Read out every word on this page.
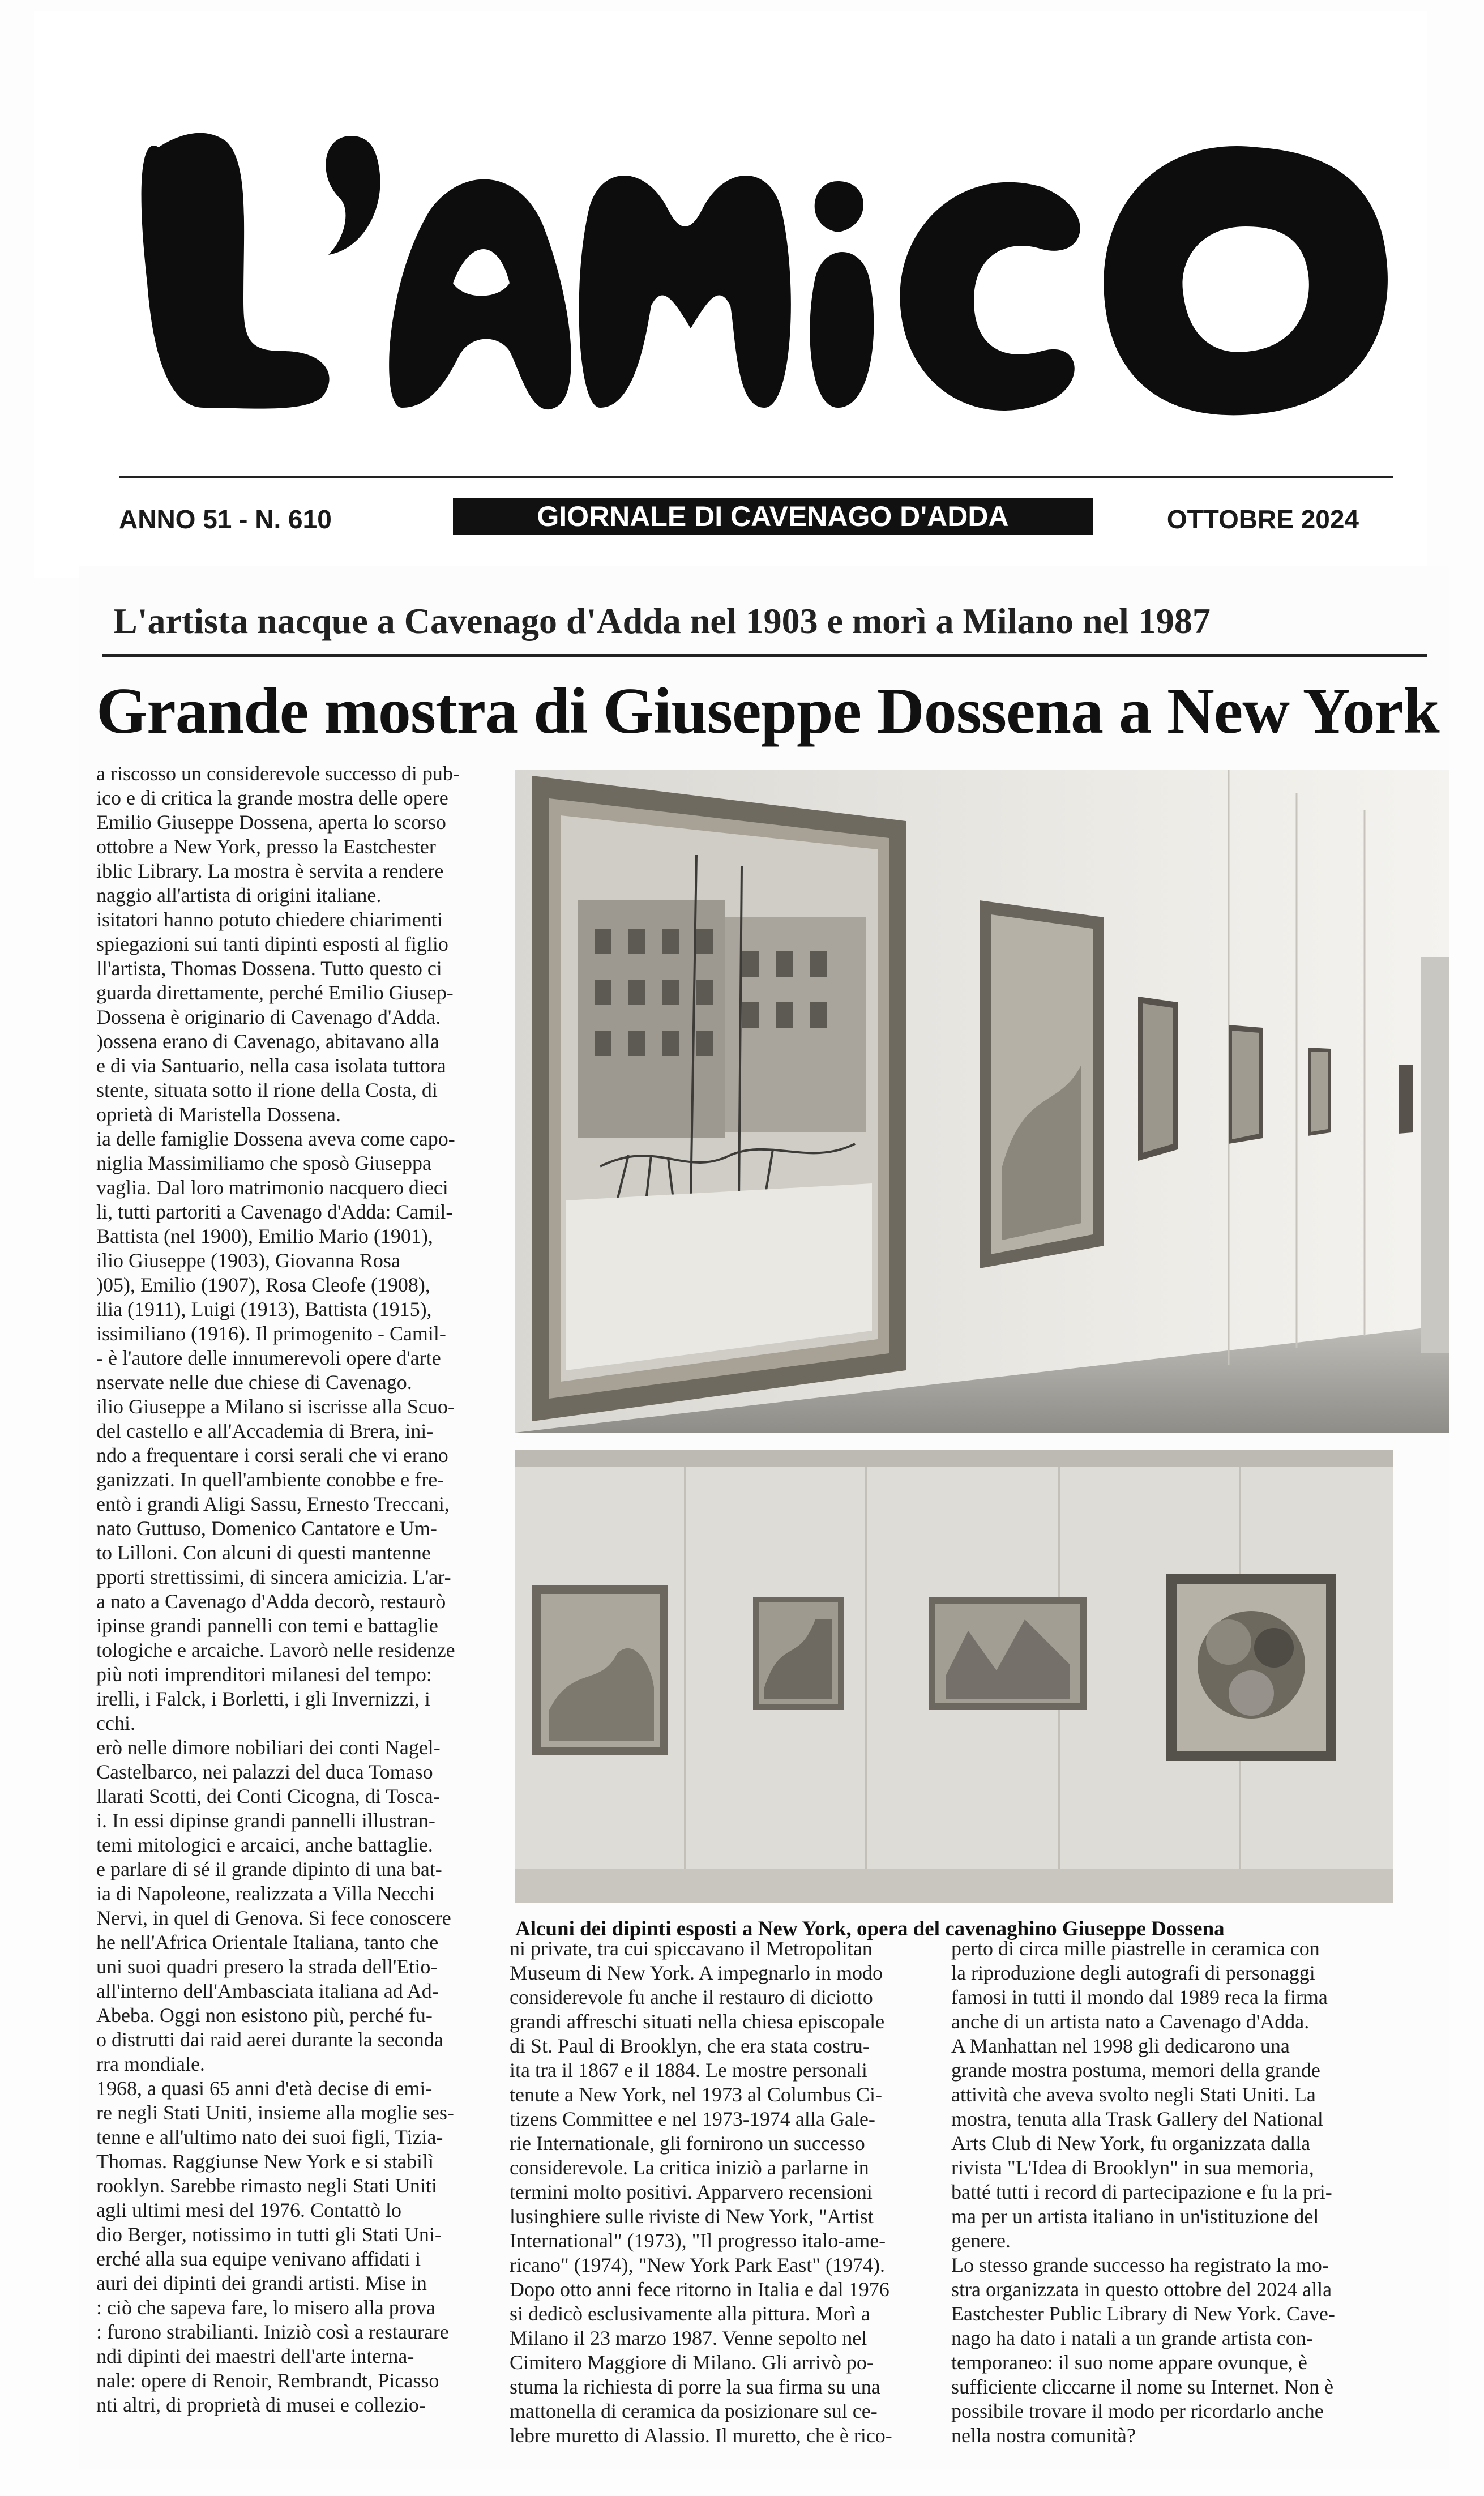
L'AMICO
ANNO 51 - N. 610	GIORNALE DI CAVENAGO D'ADDA	OTTOBRE 2024
L'artista nacque a Cavenago d'Adda nel 1903 e morì a Milano nel 1987
Grande mostra di Giuseppe Dossena a New York

a riscosso un considerevole successo di pub-

ico e di critica la grande mostra delle opere

Emilio Giuseppe Dossena, aperta lo scorso

ottobre a New York, presso la Eastchester

iblic Library. La mostra è servita a rendere

naggio all'artista di origini italiane.

isitatori hanno potuto chiedere chiarimenti

spiegazioni sui tanti dipinti esposti al figlio

ll'artista, Thomas Dossena. Tutto questo ci

guarda direttamente, perché Emilio Giusep-

Dossena è originario di Cavenago d'Adda.

)ossena erano di Cavenago, abitavano alla

e di via Santuario, nella casa isolata tuttora

stente, situata sotto il rione della Costa, di

oprietà di Maristella Dossena.

ia delle famiglie Dossena aveva come capo-

niglia Massimiliamo che sposò Giuseppa

vaglia. Dal loro matrimonio nacquero dieci

li, tutti partoriti a Cavenago d'Adda: Camil-

Battista (nel 1900), Emilio Mario (1901),

ilio Giuseppe (1903), Giovanna Rosa

)05), Emilio (1907), Rosa Cleofe (1908),

ilia (1911), Luigi (1913), Battista (1915),

issimiliano (1916). Il primogenito - Camil-

- è l'autore delle innumerevoli opere d'arte

nservate nelle due chiese di Cavenago.

ilio Giuseppe a Milano si iscrisse alla Scuo-

del castello e all'Accademia di Brera, ini-

ndo a frequentare i corsi serali che vi erano

ganizzati. In quell'ambiente conobbe e fre-

entò i grandi Aligi Sassu, Ernesto Treccani,

nato Guttuso, Domenico Cantatore e Um-

to Lilloni. Con alcuni di questi mantenne

pporti strettissimi, di sincera amicizia. L'ar-

a nato a Cavenago d'Adda decorò, restaurò

ipinse grandi pannelli con temi e battaglie

tologiche e arcaiche. Lavorò nelle residenze

più noti imprenditori milanesi del tempo:

irelli, i Falck, i Borletti, i gli Invernizzi, i

cchi.

erò nelle dimore nobiliari dei conti Nagel-

Castelbarco, nei palazzi del duca Tomaso

llarati Scotti, dei Conti Cicogna, di Tosca-

i. In essi dipinse grandi pannelli illustran-

temi mitologici e arcaici, anche battaglie.

e parlare di sé il grande dipinto di una bat-

ia di Napoleone, realizzata a Villa Necchi

Nervi, in quel di Genova. Si fece conoscere

he nell'Africa Orientale Italiana, tanto che

uni suoi quadri presero la strada dell'Etio-

all'interno dell'Ambasciata italiana ad Ad-

Abeba. Oggi non esistono più, perché fu-

o distrutti dai raid aerei durante la seconda

rra mondiale.

1968, a quasi 65 anni d'età decise di emi-

re negli Stati Uniti, insieme alla moglie ses-

tenne e all'ultimo nato dei suoi figli, Tizia-

Thomas. Raggiunse New York e si stabilì

rooklyn. Sarebbe rimasto negli Stati Uniti

agli ultimi mesi del 1976. Contattò lo

dio Berger, notissimo in tutti gli Stati Uni-

erché alla sua equipe venivano affidati i

auri dei dipinti dei grandi artisti. Mise in

: ciò che sapeva fare, lo misero alla prova

: furono strabilianti. Iniziò così a restaurare

ndi dipinti dei maestri dell'arte interna-

nale: opere di Renoir, Rembrandt, Picasso

nti altri, di proprietà di musei e collezio-

Alcuni dei dipinti esposti a New York, opera del cavenaghino Giuseppe Dossena

ni private, tra cui spiccavano il Metropolitan

Museum di New York. A impegnarlo in modo

considerevole fu anche il restauro di diciotto

grandi affreschi situati nella chiesa episcopale

di St. Paul di Brooklyn, che era stata costru-

ita tra il 1867 e il 1884. Le mostre personali

tenute a New York, nel 1973 al Columbus Ci-

tizens Committee e nel 1973-1974 alla Gale-

rie Internationale, gli fornirono un successo

considerevole. La critica iniziò a parlarne in

termini molto positivi. Apparvero recensioni

lusinghiere sulle riviste di New York, "Artist

International" (1973), "Il progresso italo-ame-

ricano" (1974), "New York Park East" (1974).

Dopo otto anni fece ritorno in Italia e dal 1976

si dedicò esclusivamente alla pittura. Morì a

Milano il 23 marzo 1987. Venne sepolto nel

Cimitero Maggiore di Milano. Gli arrivò po-

stuma la richiesta di porre la sua firma su una

mattonella di ceramica da posizionare sul ce-

lebre muretto di Alassio. Il muretto, che è rico-

perto di circa mille piastrelle in ceramica con

la riproduzione degli autografi di personaggi

famosi in tutti il mondo dal 1989 reca la firma

anche di un artista nato a Cavenago d'Adda.

A Manhattan nel 1998 gli dedicarono una

grande mostra postuma, memori della grande

attività che aveva svolto negli Stati Uniti. La

mostra, tenuta alla Trask Gallery del National

Arts Club di New York, fu organizzata dalla

rivista "L'Idea di Brooklyn" in sua memoria,

batté tutti i record di partecipazione e fu la pri-

ma per un artista italiano in un'istituzione del

genere.

Lo stesso grande successo ha registrato la mo-

stra organizzata in questo ottobre del 2024 alla

Eastchester Public Library di New York. Cave-

nago ha dato i natali a un grande artista con-

temporaneo: il suo nome appare ovunque, è

sufficiente cliccarne il nome su Internet. Non è

possibile trovare il modo per ricordarlo anche

nella nostra comunità?
